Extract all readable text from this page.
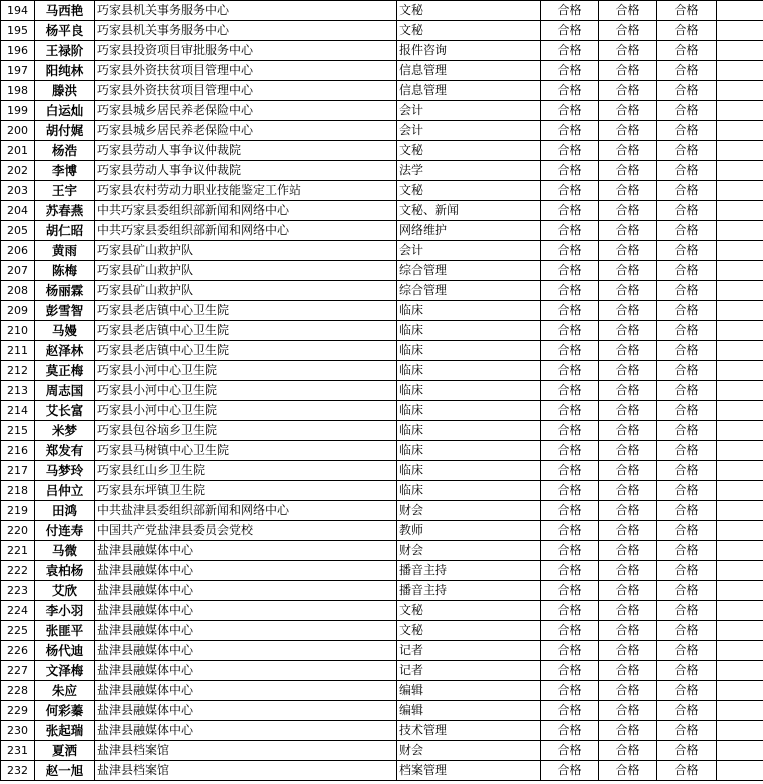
194	马西艳	巧家县机关事务服务中心	文秘	合格	合格	合格	
195	杨平良	巧家县机关事务服务中心	文秘	合格	合格	合格	
196	王禄阶	巧家县投资项目审批服务中心	报件咨询	合格	合格	合格	
197	阳纯林	巧家县外资扶贫项目管理中心	信息管理	合格	合格	合格	
198	滕洪	巧家县外资扶贫项目管理中心	信息管理	合格	合格	合格	
199	白运灿	巧家县城乡居民养老保险中心	会计	合格	合格	合格	
200	胡付娓	巧家县城乡居民养老保险中心	会计	合格	合格	合格	
201	杨浩	巧家县劳动人事争议仲裁院	文秘	合格	合格	合格	
202	李博	巧家县劳动人事争议仲裁院	法学	合格	合格	合格	
203	王宇	巧家县农村劳动力职业技能鉴定工作站	文秘	合格	合格	合格	
204	苏春燕	中共巧家县委组织部新闻和网络中心	文秘、新闻	合格	合格	合格	
205	胡仁昭	中共巧家县委组织部新闻和网络中心	网络维护	合格	合格	合格	
206	黄雨	巧家县矿山救护队	会计	合格	合格	合格	
207	陈梅	巧家县矿山救护队	综合管理	合格	合格	合格	
208	杨丽霖	巧家县矿山救护队	综合管理	合格	合格	合格	
209	彭雪智	巧家县老店镇中心卫生院	临床	合格	合格	合格	
210	马嫚	巧家县老店镇中心卫生院	临床	合格	合格	合格	
211	赵泽林	巧家县老店镇中心卫生院	临床	合格	合格	合格	
212	莫正梅	巧家县小河中心卫生院	临床	合格	合格	合格	
213	周志国	巧家县小河中心卫生院	临床	合格	合格	合格	
214	艾长富	巧家县小河中心卫生院	临床	合格	合格	合格	
215	米梦	巧家县包谷垴乡卫生院	临床	合格	合格	合格	
216	郑发有	巧家县马树镇中心卫生院	临床	合格	合格	合格	
217	马梦玲	巧家县红山乡卫生院	临床	合格	合格	合格	
218	吕仲立	巧家县东坪镇卫生院	临床	合格	合格	合格	
219	田鸿	中共盐津县委组织部新闻和网络中心	财会	合格	合格	合格	
220	付连寿	中国共产党盐津县委员会党校	教师	合格	合格	合格	
221	马微	盐津县融媒体中心	财会	合格	合格	合格	
222	袁柏杨	盐津县融媒体中心	播音主持	合格	合格	合格	
223	艾欣	盐津县融媒体中心	播音主持	合格	合格	合格	
224	李小羽	盐津县融媒体中心	文秘	合格	合格	合格	
225	张匪平	盐津县融媒体中心	文秘	合格	合格	合格	
226	杨代迪	盐津县融媒体中心	记者	合格	合格	合格	
227	文泽梅	盐津县融媒体中心	记者	合格	合格	合格	
228	朱应	盐津县融媒体中心	编辑	合格	合格	合格	
229	何彩蓁	盐津县融媒体中心	编辑	合格	合格	合格	
230	张起瑞	盐津县融媒体中心	技术管理	合格	合格	合格	
231	夏洒	盐津县档案馆	财会	合格	合格	合格	
232	赵一旭	盐津县档案馆	档案管理	合格	合格	合格	
